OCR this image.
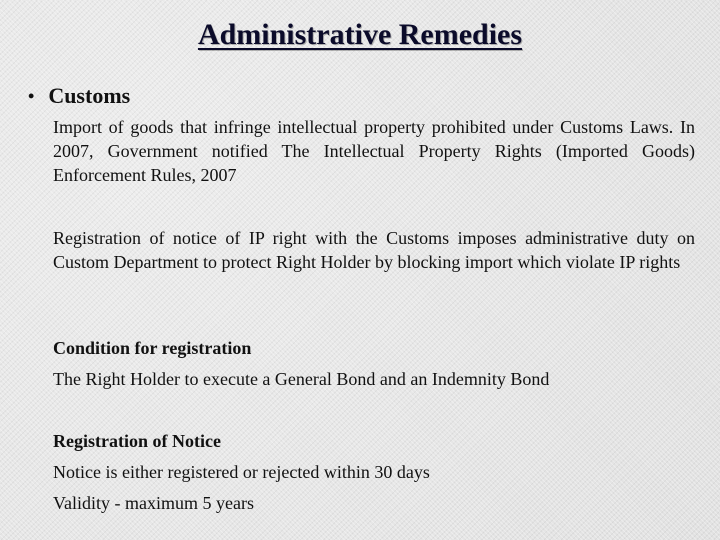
Administrative Remedies
• Customs
Import of goods that infringe intellectual property prohibited under Customs Laws. In 2007, Government notified The Intellectual Property Rights (Imported Goods) Enforcement Rules, 2007
Registration of notice of IP right with the Customs imposes administrative duty on Custom Department to protect Right Holder by blocking import which violate IP rights
Condition for registration
The Right Holder to execute a General Bond and an Indemnity Bond
Registration of Notice
Notice is either registered or rejected within 30 days
Validity - maximum 5 years
